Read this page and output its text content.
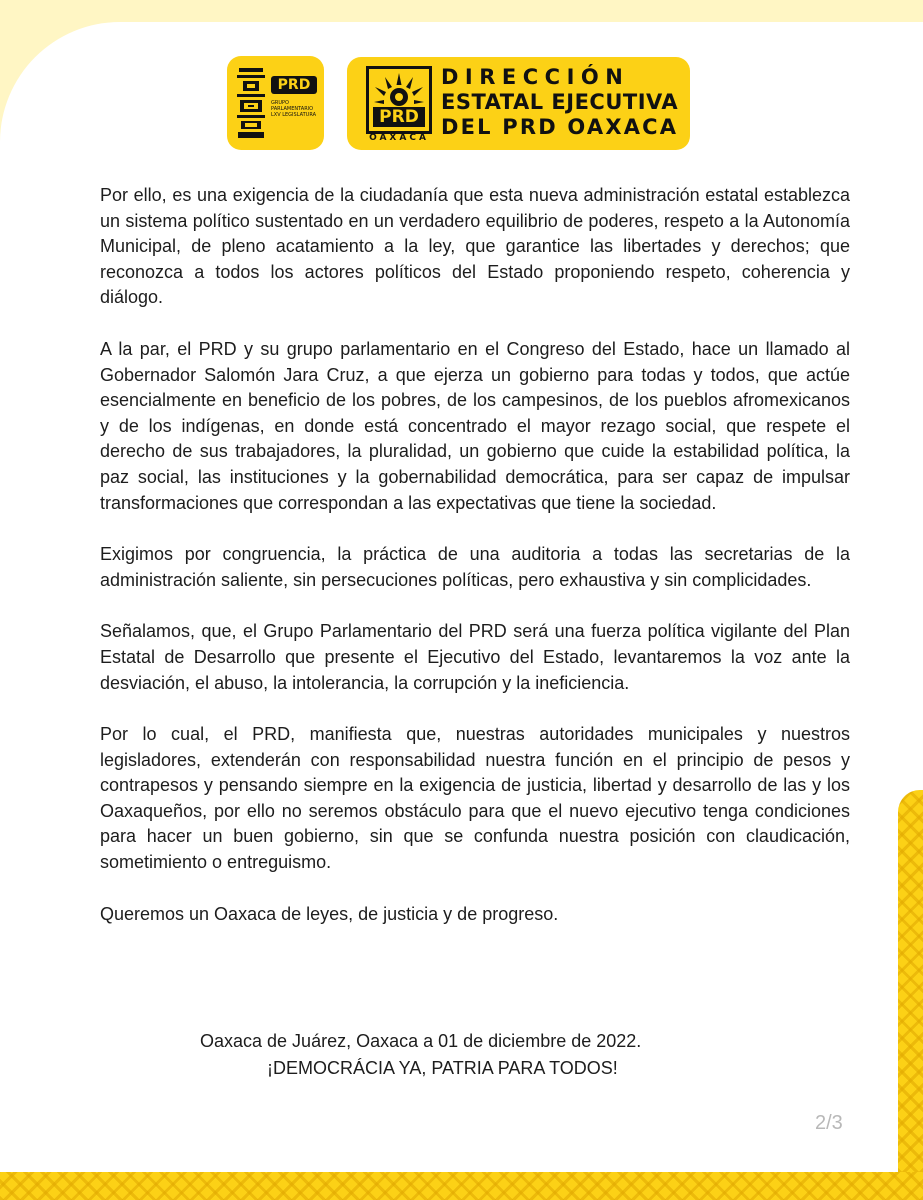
PRD
GRUPO PARLAMENTARIO LXV LEGISLATURA	PRD
OAXACA
DIRECCIÓN
ESTATAL EJECUTIVA
DEL PRD OAXACA

Por ello, es una exigencia de la ciudadanía que esta nueva administración estatal establezca un sistema político sustentado en un verdadero equilibrio de poderes, respeto a la Autonomía Municipal, de pleno acatamiento a la ley, que garantice las libertades y derechos; que reconozca a todos los actores políticos del Estado proponiendo respeto, coherencia y diálogo.

A la par, el PRD y su grupo parlamentario en el Congreso del Estado, hace un llamado al Gobernador Salomón Jara Cruz, a que ejerza un gobierno para todas y todos, que actúe esencialmente en beneficio de los pobres, de los campesinos, de los pueblos afromexicanos y de los indígenas, en donde está concentrado el mayor rezago social, que respete el derecho de sus trabajadores, la pluralidad, un gobierno que cuide la estabilidad política, la paz social, las instituciones y la gobernabilidad democrática, para ser capaz de impulsar transformaciones que correspondan a las expectativas que tiene la sociedad.

Exigimos por congruencia, la práctica de una auditoria a todas las secretarias de la administración saliente, sin persecuciones políticas, pero exhaustiva y sin complicidades.

Señalamos, que, el Grupo Parlamentario del PRD será una fuerza política vigilante del Plan Estatal de Desarrollo que presente el Ejecutivo del Estado, levantaremos la voz ante la desviación, el abuso, la intolerancia, la corrupción y la ineficiencia.

Por lo cual, el PRD, manifiesta que, nuestras autoridades municipales y nuestros legisladores, extenderán con responsabilidad nuestra función en el principio de pesos y contrapesos y pensando siempre en la exigencia de justicia, libertad y desarrollo de las y los Oaxaqueños, por ello no seremos obstáculo para que el nuevo ejecutivo tenga condiciones para hacer un buen gobierno, sin que se confunda nuestra posición con claudicación, sometimiento o entreguismo.

Queremos un Oaxaca de leyes, de justicia y de progreso.

Oaxaca de Juárez, Oaxaca a 01 de diciembre de 2022.
¡DEMOCRÁCIA YA, PATRIA PARA TODOS!
2/3
